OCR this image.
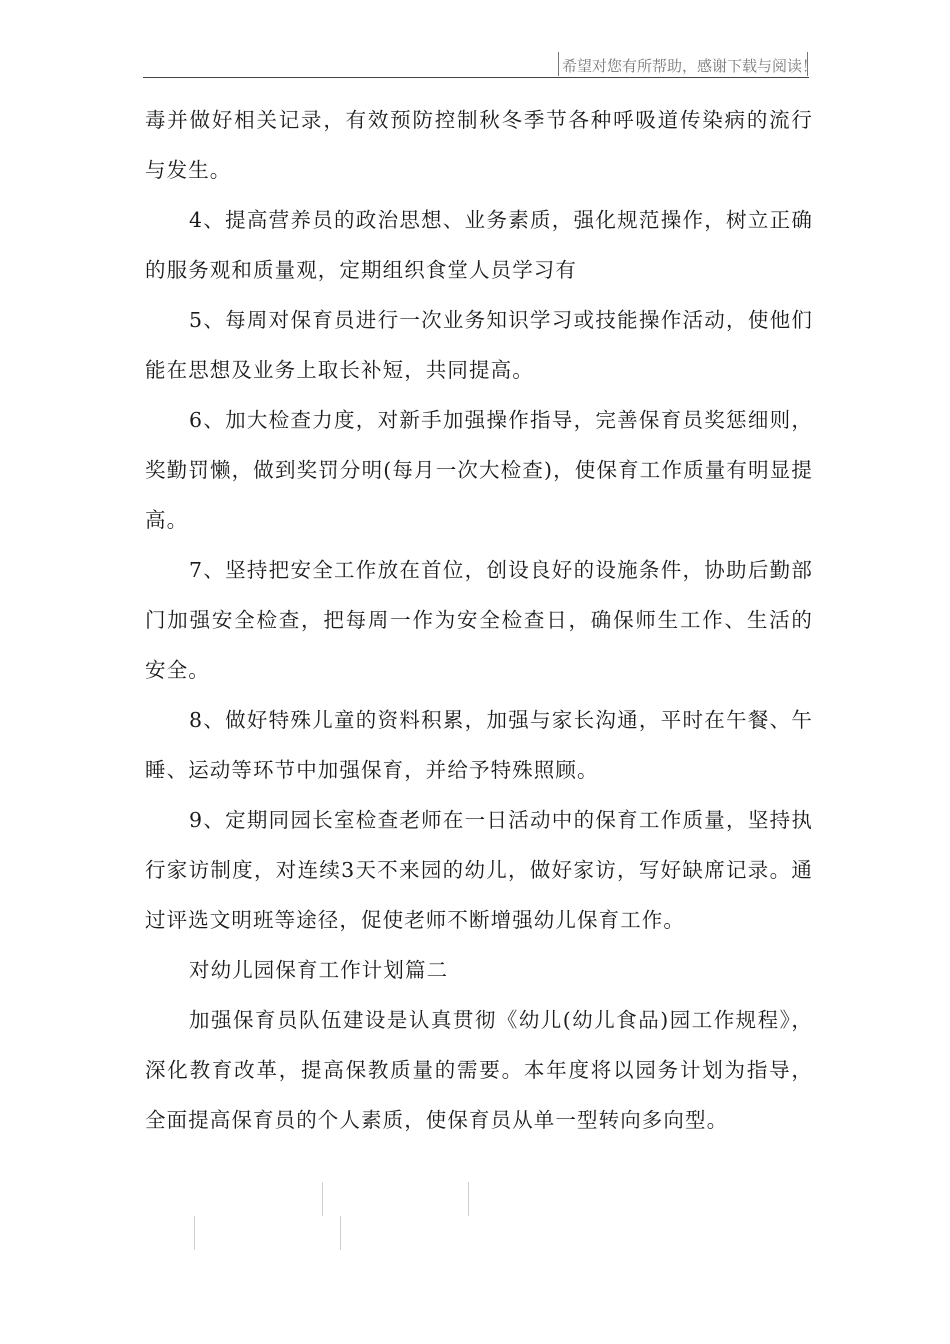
希望对您有所帮助，感谢下载与阅读！

毒并做好相关记录，有效预防控制秋冬季节各种呼吸道传染病的流行与发生。

4、提高营养员的政治思想、业务素质，强化规范操作，树立正确的服务观和质量观，定期组织食堂人员学习有

5、每周对保育员进行一次业务知识学习或技能操作活动，使他们能在思想及业务上取长补短，共同提高。

6、加大检查力度，对新手加强操作指导，完善保育员奖惩细则，奖勤罚懒，做到奖罚分明(每月一次大检查)，使保育工作质量有明显提高。

7、坚持把安全工作放在首位，创设良好的设施条件，协助后勤部门加强安全检查，把每周一作为安全检查日，确保师生工作、生活的安全。

8、做好特殊儿童的资料积累，加强与家长沟通，平时在午餐、午睡、运动等环节中加强保育，并给予特殊照顾。

9、定期同园长室检查老师在一日活动中的保育工作质量，坚持执行家访制度，对连续3天不来园的幼儿，做好家访，写好缺席记录。通过评选文明班等途径，促使老师不断增强幼儿保育工作。

对幼儿园保育工作计划篇二

加强保育员队伍建设是认真贯彻《幼儿(幼儿食品)园工作规程》，深化教育改革，提高保教质量的需要。本年度将以园务计划为指导，全面提高保育员的个人素质，使保育员从单一型转向多向型。
